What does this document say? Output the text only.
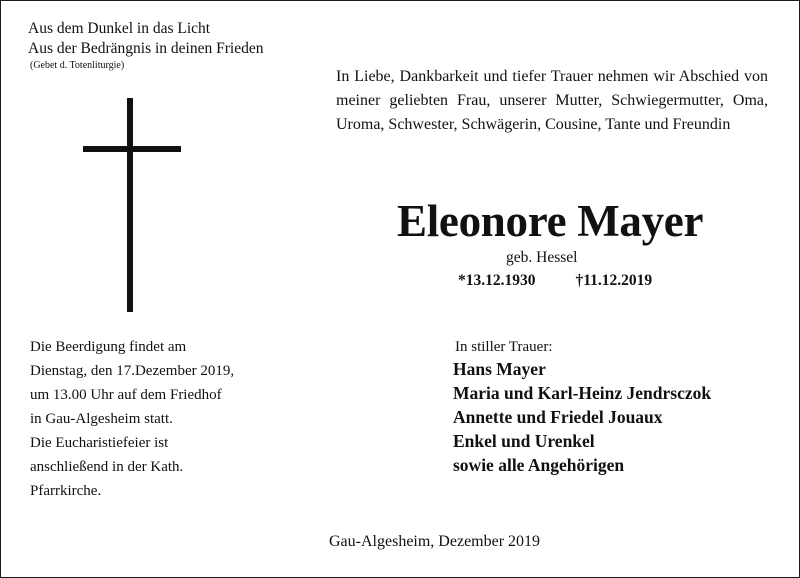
Aus dem Dunkel in das Licht
Aus der Bedrängnis in deinen Frieden
(Gebet d. Totenliturgie)
In Liebe, Dankbarkeit und tiefer Trauer nehmen wir Abschied von meiner geliebten Frau, unserer Mutter, Schwiegermutter, Oma, Uroma, Schwester, Schwägerin, Cousine, Tante und Freundin
Eleonore Mayer
geb. Hessel
*13.12.1930	†11.12.2019
Die Beerdigung findet am
Dienstag, den 17.Dezember 2019,
um 13.00 Uhr auf dem Friedhof
in Gau-Algesheim statt.
Die Eucharistiefeier ist
anschließend in der Kath.
Pfarrkirche.
In stiller Trauer:
Hans Mayer
Maria und Karl-Heinz Jendrsczok
Annette und Friedel Jouaux
Enkel und Urenkel
sowie alle Angehörigen
Gau-Algesheim, Dezember 2019
